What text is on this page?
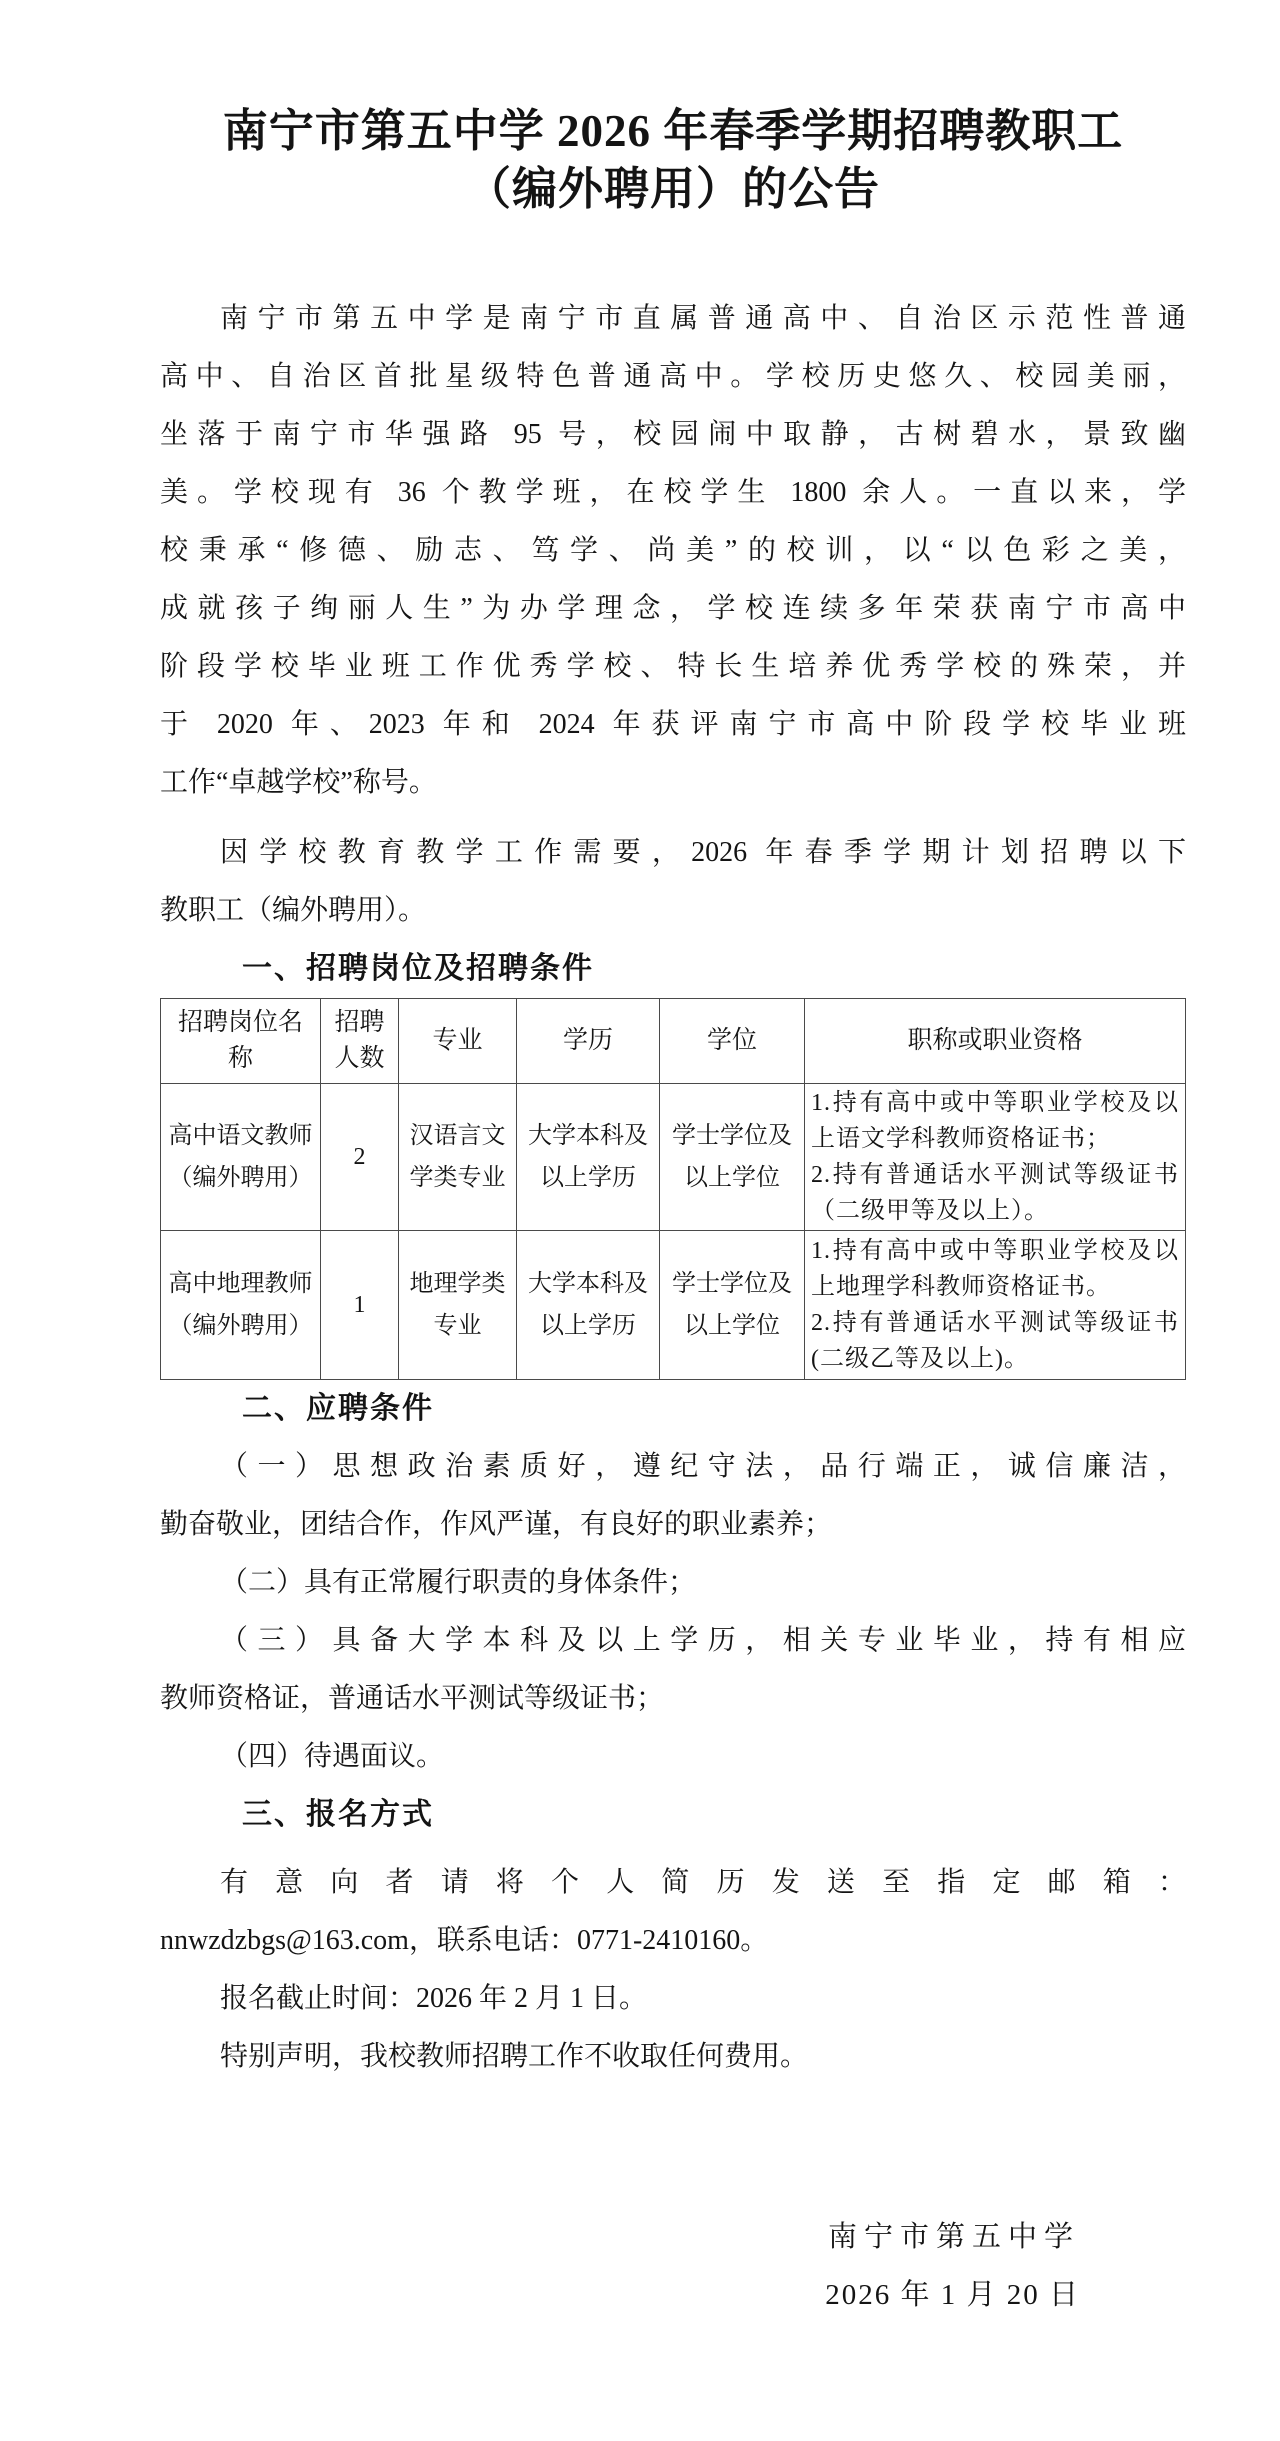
南宁市第五中学 2026 年春季学期招聘教职工
（编外聘用）的公告
南宁市第五中学是南宁市直属普通高中、自治区示范性普通
高中、自治区首批星级特色普通高中。学校历史悠久、校园美丽，
坐落于南宁市华强路 95 号，校园闹中取静，古树碧水，景致幽
美。学校现有 36 个教学班，在校学生 1800 余人。一直以来，学
校秉承“修德、励志、笃学、尚美”的校训，以“以色彩之美，
成就孩子绚丽人生”为办学理念，学校连续多年荣获南宁市高中
阶段学校毕业班工作优秀学校、特长生培养优秀学校的殊荣，并
于 2020 年、2023 年和 2024 年获评南宁市高中阶段学校毕业班
工作“卓越学校”称号。
因学校教育教学工作需要，2026 年春季学期计划招聘以下
教职工（编外聘用）。
一、招聘岗位及招聘条件
招聘岗位名称	招聘人数	专业	学历	学位	职称或职业资格
高中语文教师（编外聘用）	2	汉语言文学类专业	大学本科及以上学历	学士学位及以上学位	1.持有高中或中等职业学校及以上语文学科教师资格证书；
2.持有普通话水平测试等级证书（二级甲等及以上）。

高中地理教师（编外聘用）	1	地理学类专业	大学本科及以上学历	学士学位及以上学位	1.持有高中或中等职业学校及以上地理学科教师资格证书。
2.持有普通话水平测试等级证书(二级乙等及以上)。
二、应聘条件
（一）思想政治素质好，遵纪守法，品行端正，诚信廉洁，
勤奋敬业，团结合作，作风严谨，有良好的职业素养；
（二）具有正常履行职责的身体条件；
（三）具备大学本科及以上学历，相关专业毕业，持有相应
教师资格证，普通话水平测试等级证书；
（四）待遇面议。
三、报名方式
有意向者请将个人简历发送至指定邮箱：
nnwzdzbgs@163.com，联系电话：0771-2410160。
报名截止时间：2026 年 2 月 1 日。
特别声明，我校教师招聘工作不收取任何费用。
南宁市第五中学
2026 年 1 月 20 日
